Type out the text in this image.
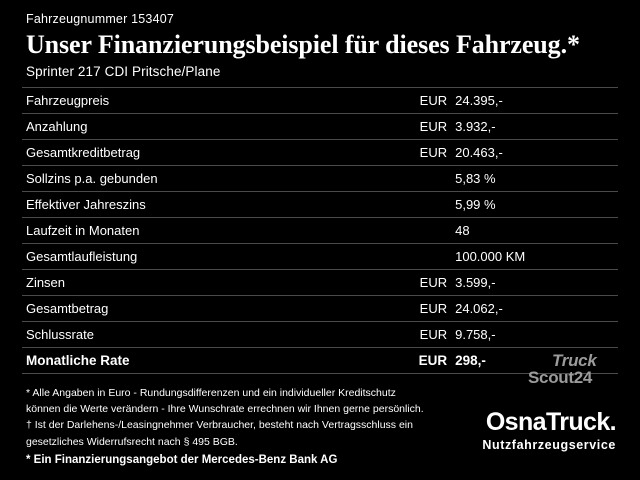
Fahrzeugnummer 153407
Unser Finanzierungsbeispiel für dieses Fahrzeug.*
Sprinter 217 CDI Pritsche/Plane
Fahrzeugpreis	EUR	24.395,-
Anzahlung	EUR	3.932,-
Gesamtkreditbetrag	EUR	20.463,-
Sollzins p.a. gebunden		5,83 %
Effektiver Jahreszins		5,99 %
Laufzeit in Monaten		48
Gesamtlaufleistung		100.000 KM
Zinsen	EUR	3.599,-
Gesamtbetrag	EUR	24.062,-
Schlussrate	EUR	9.758,-
Monatliche Rate	EUR	298,-

* Alle Angaben in Euro - Rundungsdifferenzen und ein individueller Kreditschutz

können die Werte verändern - Ihre Wunschrate errechnen wir Ihnen gerne persönlich.

† Ist der Darlehens-/Leasingnehmer Verbraucher, besteht nach Vertragsschluss ein

gesetzliches Widerrufsrecht nach § 495 BGB.

* Ein Finanzierungsangebot der Mercedes-Benz Bank AG
Truck
Scout24
OsnaTruck.
Nutzfahrzeugservice
